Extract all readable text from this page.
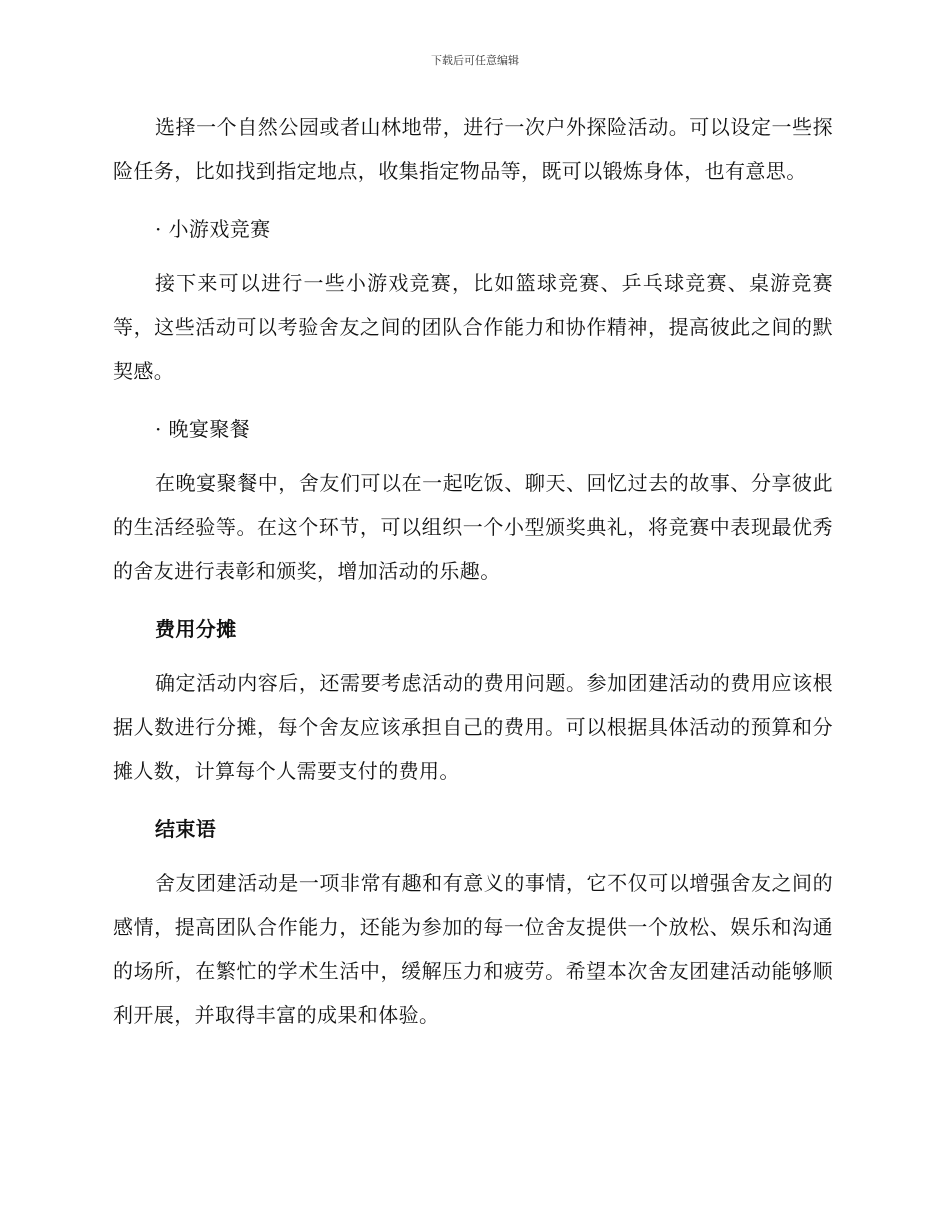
下载后可任意编辑

选择一个自然公园或者山林地带，进行一次户外探险活动。可以设定一些探险任务，比如找到指定地点，收集指定物品等，既可以锻炼身体，也有意思。

· 小游戏竞赛

接下来可以进行一些小游戏竞赛，比如篮球竞赛、乒乓球竞赛、桌游竞赛等，这些活动可以考验舍友之间的团队合作能力和协作精神，提高彼此之间的默契感。

· 晚宴聚餐

在晚宴聚餐中，舍友们可以在一起吃饭、聊天、回忆过去的故事、分享彼此的生活经验等。在这个环节，可以组织一个小型颁奖典礼，将竞赛中表现最优秀的舍友进行表彰和颁奖，增加活动的乐趣。

费用分摊

确定活动内容后，还需要考虑活动的费用问题。参加团建活动的费用应该根据人数进行分摊，每个舍友应该承担自己的费用。可以根据具体活动的预算和分摊人数，计算每个人需要支付的费用。

结束语

舍友团建活动是一项非常有趣和有意义的事情，它不仅可以增强舍友之间的感情，提高团队合作能力，还能为参加的每一位舍友提供一个放松、娱乐和沟通的场所，在繁忙的学术生活中，缓解压力和疲劳。希望本次舍友团建活动能够顺利开展，并取得丰富的成果和体验。
